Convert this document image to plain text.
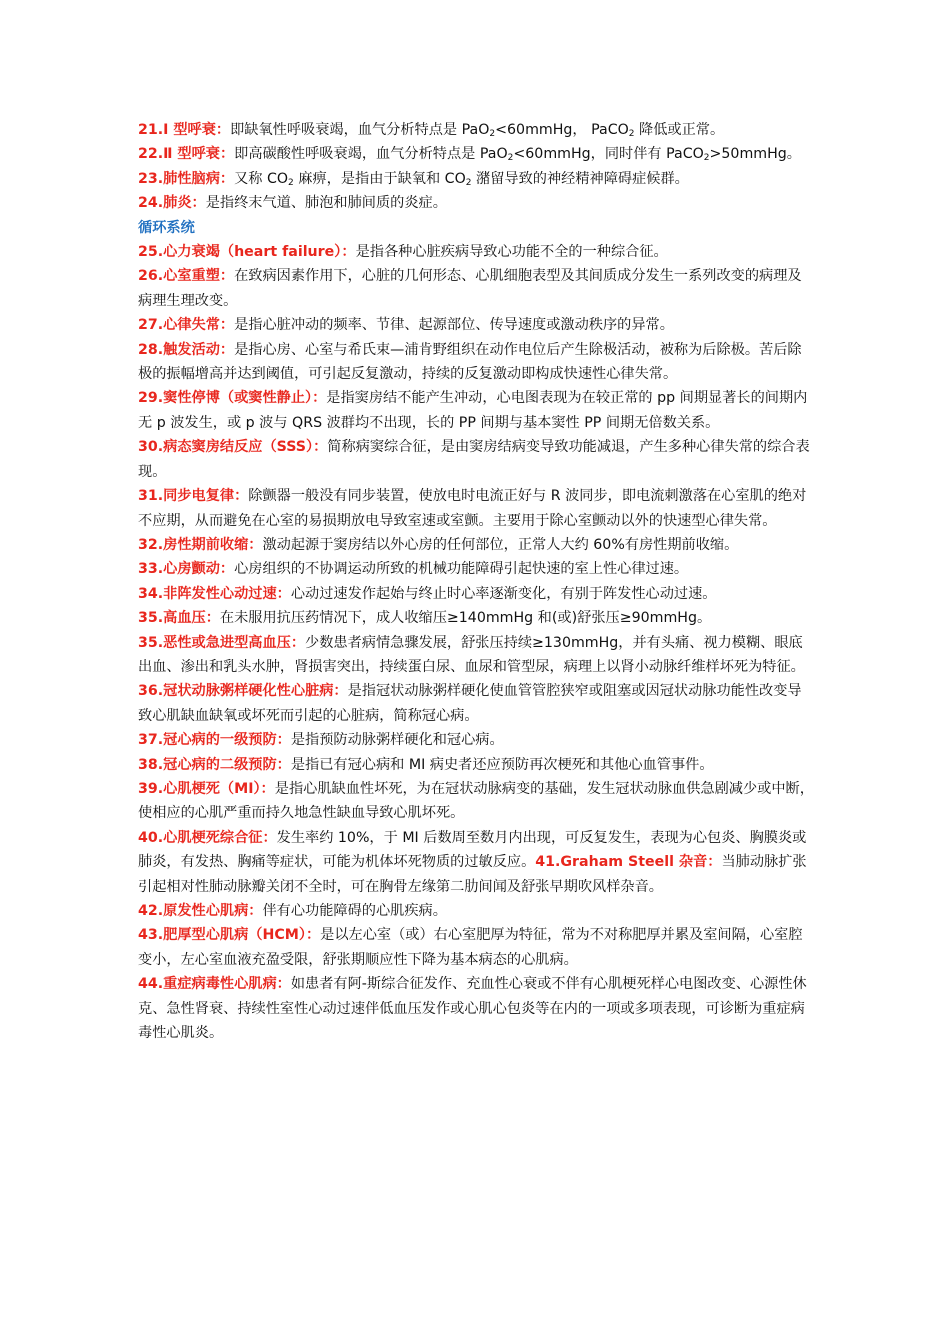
21.Ⅰ 型呼衰：即缺氧性呼吸衰竭，血气分析特点是 PaO$_2$<60mmHg， PaCO$_2$ 降低或正常。

22.Ⅱ 型呼衰：即高碳酸性呼吸衰竭，血气分析特点是 PaO$_2$<60mmHg，同时伴有 PaCO$_2$>50mmHg。

23.肺性脑病：又称 $CO_2$ 麻痹，是指由于缺氧和 $CO_2$ 潴留导致的神经精神障碍症候群。

24.肺炎：是指终末气道、肺泡和肺间质的炎症。

循环系统

25.心力衰竭（heart failure）：是指各种心脏疾病导致心功能不全的一种综合征。

26.心室重塑：在致病因素作用下，心脏的几何形态、心肌细胞表型及其间质成分发生一系列改变的病理及病理生理改变。

27.心律失常：是指心脏冲动的频率、节律、起源部位、传导速度或激动秩序的异常。

28.触发活动：是指心房、心室与希氏束—浦肯野组织在动作电位后产生除极活动，被称为后除极。苦后除极的振幅增高并达到阈值，可引起反复激动，持续的反复激动即构成快速性心律失常。

29.窦性停博（或窦性静止）：是指窦房结不能产生冲动，心电图表现为在较正常的 pp 间期显著长的间期内无 p 波发生，或 p 波与 QRS 波群均不出现，长的 PP 间期与基本窦性 PP 间期无倍数关系。

30.病态窦房结反应（SSS）：简称病窦综合征，是由窦房结病变导致功能减退，产生多种心律失常的综合表现。

31.同步电复律：除颤器一般没有同步装置，使放电时电流正好与 R 波同步，即电流刺激落在心室肌的绝对不应期，从而避免在心室的易损期放电导致室速或室颤。主要用于除心室颤动以外的快速型心律失常。

32.房性期前收缩：激动起源于窦房结以外心房的任何部位，正常人大约 60%有房性期前收缩。

33.心房颤动：心房组织的不协调运动所致的机械功能障碍引起快速的室上性心律过速。

34.非阵发性心动过速：心动过速发作起始与终止时心率逐渐变化，有别于阵发性心动过速。

35.高血压：在未服用抗压药情况下，成人收缩压≥140mmHg 和(或)舒张压≥90mmHg。

35.恶性或急进型高血压：少数患者病情急骤发展，舒张压持续≥130mmHg，并有头痛、视力模糊、眼底出血、渗出和乳头水肿，肾损害突出，持续蛋白尿、血尿和管型尿，病理上以肾小动脉纤维样坏死为特征。

36.冠状动脉粥样硬化性心脏病：是指冠状动脉粥样硬化使血管管腔狭窄或阻塞或因冠状动脉功能性改变导致心肌缺血缺氧或坏死而引起的心脏病，简称冠心病。

37.冠心病的一级预防：是指预防动脉粥样硬化和冠心病。

38.冠心病的二级预防：是指已有冠心病和 MI 病史者还应预防再次梗死和其他心血管事件。

39.心肌梗死（MI）：是指心肌缺血性坏死，为在冠状动脉病变的基础，发生冠状动脉血供急剧减少或中断，使相应的心肌严重而持久地急性缺血导致心肌坏死。

40.心肌梗死综合征：发生率约 10%，于 MI 后数周至数月内出现，可反复发生，表现为心包炎、胸膜炎或肺炎，有发热、胸痛等症状，可能为机体坏死物质的过敏反应。41.Graham Steell 杂音：当肺动脉扩张引起相对性肺动脉瓣关闭不全时，可在胸骨左缘第二肋间闻及舒张早期吹风样杂音。

42.原发性心肌病：伴有心功能障碍的心肌疾病。

43.肥厚型心肌病（HCM）：是以左心室（或）右心室肥厚为特征，常为不对称肥厚并累及室间隔，心室腔变小，左心室血液充盈受限，舒张期顺应性下降为基本病态的心肌病。

44.重症病毒性心肌病：如患者有阿-斯综合征发作、充血性心衰或不伴有心肌梗死样心电图改变、心源性休克、急性肾衰、持续性室性心动过速伴低血压发作或心肌心包炎等在内的一项或多项表现，可诊断为重症病毒性心肌炎。
